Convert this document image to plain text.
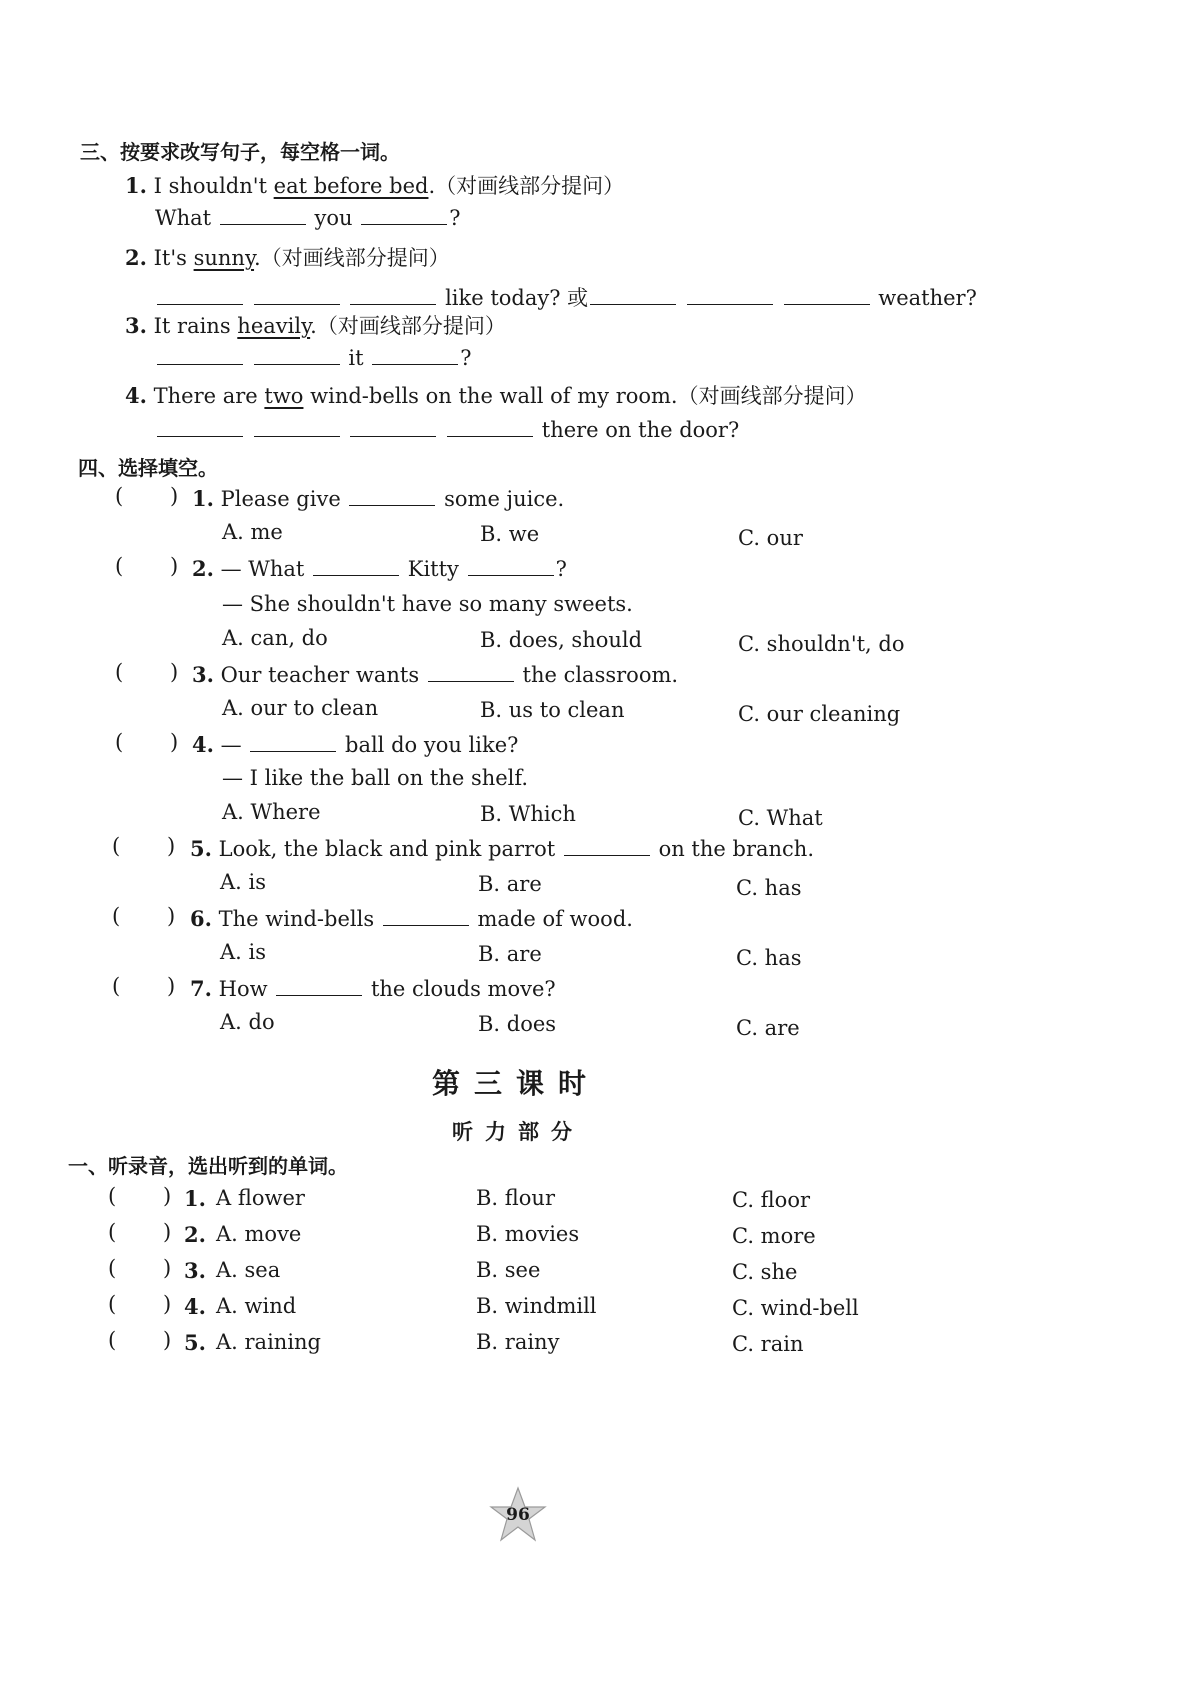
三、按要求改写句子，每空格一词。
1. I shouldn't eat before bed.（对画线部分提问）
What	you	?
2. It's sunny.（对画线部分提问）
like today? 或	weather?
3. It rains heavily.（对画线部分提问）
it	?
4. There are two wind-bells on the wall of my room.（对画线部分提问）
there on the door?
四、选择填空。
( ) 1. Please give	some juice.
A. me	B. we	C. our
( ) 2. — What	Kitty	?
— She shouldn't have so many sweets.
A. can, do	B. does, should	C. shouldn't, do
( ) 3. Our teacher wants	the classroom.
A. our to clean	B. us to clean	C. our cleaning
( ) 4. —	ball do you like?
— I like the ball on the shelf.
A. Where	B. Which	C. What
( ) 5. Look, the black and pink parrot	on the branch.
A. is	B. are	C. has
( ) 6. The wind-bells	made of wood.
A. is	B. are	C. has
( ) 7. How	the clouds move?
A. do	B. does	C. are
第三课时
听力部分
一、听录音，选出听到的单词。
( ) 1. A flower	B. flour	C. floor
( ) 2. A. move	B. movies	C. more
( ) 3. A. sea	B. see	C. she
( ) 4. A. wind	B. windmill	C. wind-bell
( ) 5. A. raining	B. rainy	C. rain
96
